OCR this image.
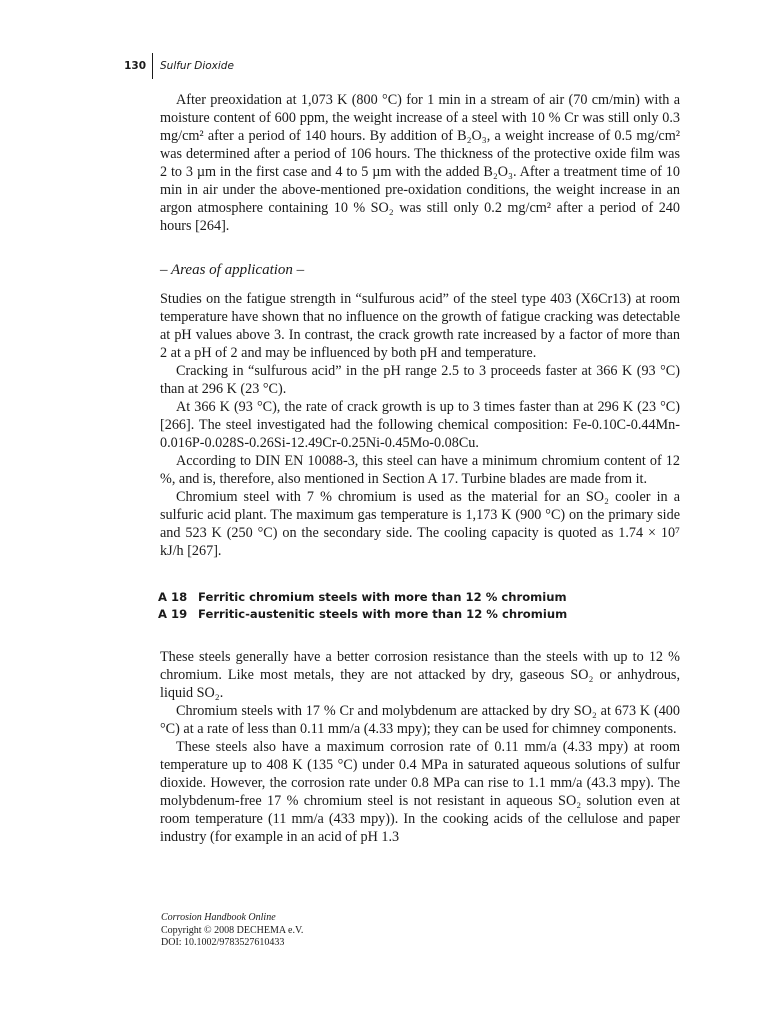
130	Sulfur Dioxide

After preoxidation at 1,073 K (800 °C) for 1 min in a stream of air (70 cm/min) with a moisture content of 600 ppm, the weight increase of a steel with 10 % Cr was still only 0.3 mg/cm² after a period of 140 hours. By addition of B₂O₃, a weight increase of 0.5 mg/cm² was determined after a period of 106 hours. The thickness of the protective oxide film was 2 to 3 µm in the first case and 4 to 5 µm with the added B₂O₃. After a treatment time of 10 min in air under the above-mentioned pre-oxidation conditions, the weight increase in an argon atmosphere containing 10 % SO₂ was still only 0.2 mg/cm² after a period of 240 hours [264].

– Areas of application –

Studies on the fatigue strength in “sulfurous acid” of the steel type 403 (X6Cr13) at room temperature have shown that no influence on the growth of fatigue cracking was detectable at pH values above 3. In contrast, the crack growth rate increased by a factor of more than 2 at a pH of 2 and may be influenced by both pH and temperature.

Cracking in “sulfurous acid” in the pH range 2.5 to 3 proceeds faster at 366 K (93 °C) than at 296 K (23 °C).

At 366 K (93 °C), the rate of crack growth is up to 3 times faster than at 296 K (23 °C) [266]. The steel investigated had the following chemical composition: Fe-0.10C-0.44Mn-0.016P-0.028S-0.26Si-12.49Cr-0.25Ni-0.45Mo-0.08Cu.

According to DIN EN 10088-3, this steel can have a minimum chromium content of 12 %, and is, therefore, also mentioned in Section A 17. Turbine blades are made from it.

Chromium steel with 7 % chromium is used as the material for an SO₂ cooler in a sulfuric acid plant. The maximum gas temperature is 1,173 K (900 °C) on the primary side and 523 K (250 °C) on the secondary side. The cooling capacity is quoted as 1.74 × 10⁷ kJ/h [267].

A 18 Ferritic chromium steels with more than 12 % chromium
A 19 Ferritic-austenitic steels with more than 12 % chromium

These steels generally have a better corrosion resistance than the steels with up to 12 % chromium. Like most metals, they are not attacked by dry, gaseous SO₂ or anhydrous, liquid SO₂.

Chromium steels with 17 % Cr and molybdenum are attacked by dry SO₂ at 673 K (400 °C) at a rate of less than 0.11 mm/a (4.33 mpy); they can be used for chimney components.

These steels also have a maximum corrosion rate of 0.11 mm/a (4.33 mpy) at room temperature up to 408 K (135 °C) under 0.4 MPa in saturated aqueous solutions of sulfur dioxide. However, the corrosion rate under 0.8 MPa can rise to 1.1 mm/a (43.3 mpy). The molybdenum-free 17 % chromium steel is not resistant in aqueous SO₂ solution even at room temperature (11 mm/a (433 mpy)). In the cooking acids of the cellulose and paper industry (for example in an acid of pH 1.3

Corrosion Handbook Online
Copyright © 2008 DECHEMA e.V.
DOI: 10.1002/9783527610433
